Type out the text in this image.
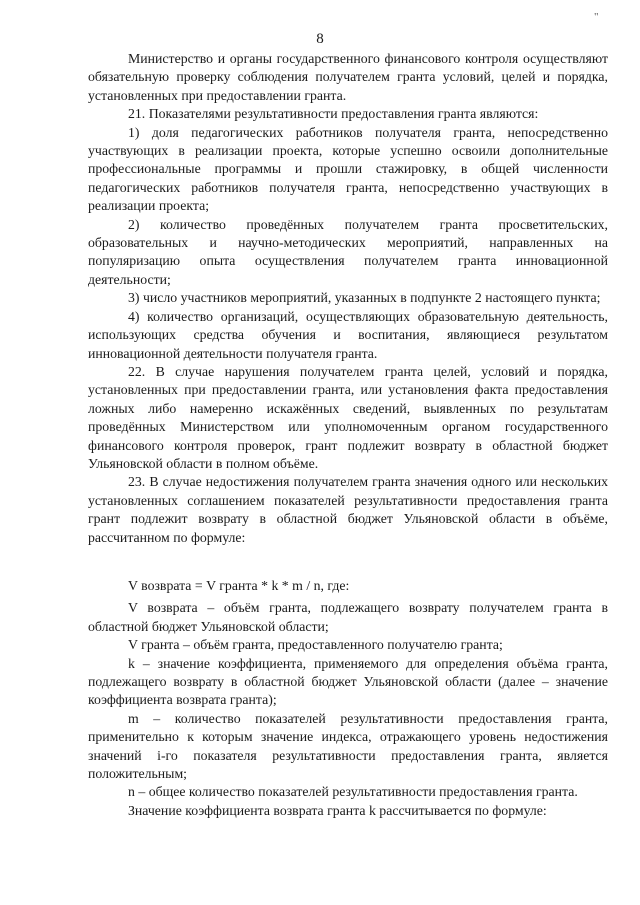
8
"

Министерство и органы государственного финансового контроля осуществляют обязательную проверку соблюдения получателем гранта условий, целей и порядка, установленных при предоставлении гранта.

21. Показателями результативности предоставления гранта являются:

1) доля педагогических работников получателя гранта, непосредственно участвующих в реализации проекта, которые успешно освоили дополнительные профессиональные программы и прошли стажировку, в общей численности педагогических работников получателя гранта, непосредственно участвующих в реализации проекта;

2) количество проведённых получателем гранта просветительских, образовательных и научно-методических мероприятий, направленных на популяризацию опыта осуществления получателем гранта инновационной деятельности;

3) число участников мероприятий, указанных в подпункте 2 настоящего пункта;

4) количество организаций, осуществляющих образовательную деятельность, использующих средства обучения и воспитания, являющиеся результатом инновационной деятельности получателя гранта.

22. В случае нарушения получателем гранта целей, условий и порядка, установленных при предоставлении гранта, или установления факта предоставления ложных либо намеренно искажённых сведений, выявленных по результатам проведённых Министерством или уполномоченным органом государственного финансового контроля проверок, грант подлежит возврату в областной бюджет Ульяновской области в полном объёме.

23. В случае недостижения получателем гранта значения одного или нескольких установленных соглашением показателей результативности предоставления гранта грант подлежит возврату в областной бюджет Ульяновской области в объёме, рассчитанном по формуле:

V возврата = V гранта * k * m / n, где:

V возврата – объём гранта, подлежащего возврату получателем гранта в областной бюджет Ульяновской области;

V гранта – объём гранта, предоставленного получателю гранта;

k – значение коэффициента, применяемого для определения объёма гранта, подлежащего возврату в областной бюджет Ульяновской области (далее – значение коэффициента возврата гранта);

m – количество показателей результативности предоставления гранта, применительно к которым значение индекса, отражающего уровень недостижения значений i-го показателя результативности предоставления гранта, является положительным;

n – общее количество показателей результативности предоставления гранта.

Значение коэффициента возврата гранта k рассчитывается по формуле:
